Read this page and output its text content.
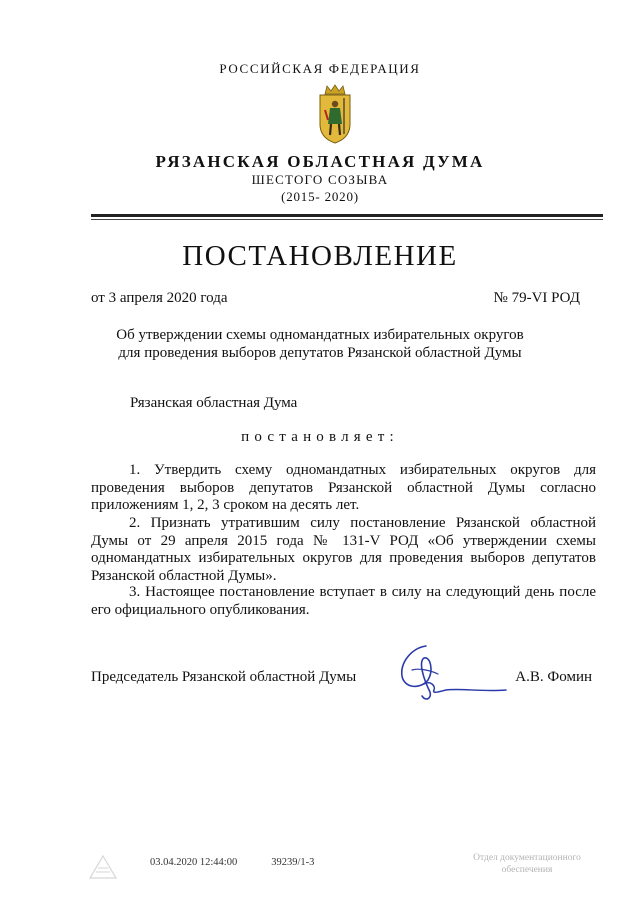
РОССИЙСКАЯ ФЕДЕРАЦИЯ
РЯЗАНСКАЯ ОБЛАСТНАЯ ДУМА
ШЕСТОГО СОЗЫВА
(2015- 2020)
ПОСТАНОВЛЕНИЕ
от 3 апреля 2020 года	№ 79-VI РОД
Об утверждении схемы одномандатных избирательных округов
для проведения выборов депутатов Рязанской областной Думы
Рязанская областная Дума
постановляет:

1. Утвердить схему одномандатных избирательных округов для проведения выборов депутатов Рязанской областной Думы согласно приложениям 1, 2, 3 сроком на десять лет.

2. Признать утратившим силу постановление Рязанской областной Думы от 29 апреля 2015 года № 131-V РОД «Об утверждении схемы одномандатных избирательных округов для проведения выборов депутатов Рязанской областной Думы».

3. Настоящее постановление вступает в силу на следующий день после его официального опубликования.

Председатель Рязанской областной Думы	А.В. Фомин
03.04.2020 12:44:00	39239/1-3	Отдел документационного
обеспечения
